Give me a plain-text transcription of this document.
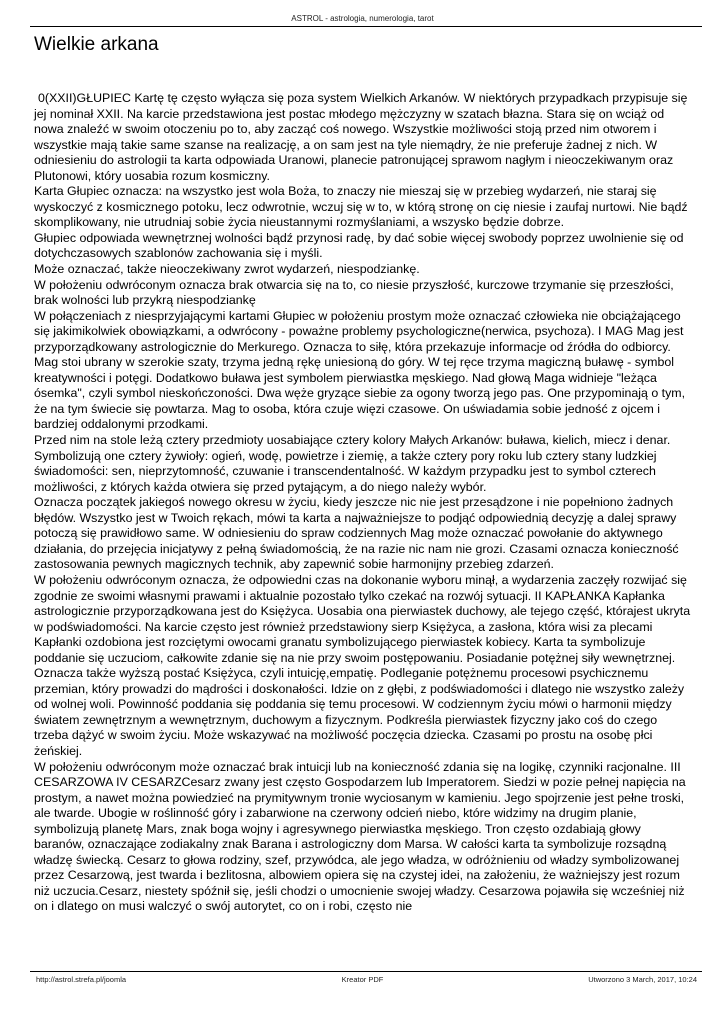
ASTROL - astrologia, numerologia, tarot
Wielkie arkana

0(XXII)GŁUPIEC Kartę tę często wyłącza się poza system Wielkich Arkanów. W niektórych przypadkach przypisuje się jej nominał XXII. Na karcie przedstawiona jest postac młodego mężczyzny w szatach błazna. Stara się on wciąż od nowa znaleźć w swoim otoczeniu po to, aby zacząć coś nowego. Wszystkie możliwości stoją przed nim otworem i wszystkie mają takie same szanse na realizację, a on sam jest na tyle niemądry, że nie preferuje żadnej z nich. W odniesieniu do astrologii ta karta odpowiada Uranowi, planecie patronującej sprawom nagłym i nieoczekiwanym oraz Plutonowi, który uosabia rozum kosmiczny.

Karta Głupiec oznacza: na wszystko jest wola Boża, to znaczy nie mieszaj się w przebieg wydarzeń, nie staraj się wyskoczyć z kosmicznego potoku, lecz odwrotnie, wczuj się w to, w którą stronę on cię niesie i zaufaj nurtowi. Nie bądź skomplikowany, nie utrudniaj sobie życia nieustannymi rozmyślaniami, a wszysko będzie dobrze.

Głupiec odpowiada wewnętrznej wolności bądź przynosi radę, by dać sobie więcej swobody poprzez uwolnienie się od dotychczasowych szablonów zachowania się i myśli.

Może oznaczać, także nieoczekiwany zwrot wydarzeń, niespodziankę.

W położeniu odwróconym oznacza brak otwarcia się na to, co niesie przyszłość, kurczowe trzymanie się przeszłości, brak wolności lub przykrą niespodziankę

W połączeniach z niesprzyjającymi kartami Głupiec w położeniu prostym może oznaczać człowieka nie obciążającego się jakimikolwiek obowiązkami, a odwrócony - poważne problemy psychologiczne(nerwica, psychoza). I MAG Mag jest przyporządkowany astrologicznie do Merkurego. Oznacza to siłę, która przekazuje informacje od źródła do odbiorcy. Mag stoi ubrany w szerokie szaty, trzyma jedną rękę uniesioną do góry. W tej ręce trzyma magiczną buławę - symbol kreatywności i potęgi. Dodatkowo buława jest symbolem pierwiastka męskiego. Nad głową Maga widnieje "leżąca ósemka", czyli symbol nieskończoności. Dwa węże gryzące siebie za ogony tworzą jego pas. One przypominają o tym, że na tym świecie się powtarza. Mag to osoba, która czuje więzi czasowe. On uświadamia sobie jedność z ojcem i bardziej oddalonymi przodkami.

Przed nim na stole leżą cztery przedmioty uosabiające cztery kolory Małych Arkanów: buława, kielich, miecz i denar. Symbolizują one cztery żywioły: ogień, wodę, powietrze i ziemię, a także cztery pory roku lub cztery stany ludzkiej świadomości: sen, nieprzytomność, czuwanie i transcendentalność. W każdym przypadku jest to symbol czterech możliwości, z których każda otwiera się przed pytającym, a do niego należy wybór.

Oznacza początek jakiegoś nowego okresu w życiu, kiedy jeszcze nic nie jest przesądzone i nie popełniono żadnych błędów. Wszystko jest w Twoich rękach, mówi ta karta a najważniejsze to podjąć odpowiednią decyzję a dalej sprawy potoczą się prawidłowo same. W odniesieniu do spraw codziennych Mag może oznaczać powołanie do aktywnego działania, do przejęcia inicjatywy z pełną świadomością, że na razie nic nam nie grozi. Czasami oznacza konieczność zastosowania pewnych magicznych technik, aby zapewnić sobie harmonijny przebieg zdarzeń.

W położeniu odwróconym oznacza, że odpowiedni czas na dokonanie wyboru minął, a wydarzenia zaczęły rozwijać się zgodnie ze swoimi własnymi prawami i aktualnie pozostało tylko czekać na rozwój sytuacji. II KAPŁANKA Kapłanka astrologicznie przyporządkowana jest do Księżyca. Uosabia ona pierwiastek duchowy, ale tejego część, którajest ukryta w podświadomości. Na karcie często jest również przedstawiony sierp Księżyca, a zasłona, która wisi za plecami Kapłanki ozdobiona jest rozciętymi owocami granatu symbolizującego pierwiastek kobiecy. Karta ta symbolizuje poddanie się uczuciom, całkowite zdanie się na nie przy swoim postępowaniu. Posiadanie potężnej siły wewnętrznej. Oznacza także wyższą postać Księżyca, czyli intuicję,empatię. Podleganie potężnemu procesowi psychicznemu przemian, który prowadzi do mądrości i doskonałości. Idzie on z głębi, z podświadomości i dlatego nie wszystko zależy od wolnej woli. Powinność poddania się poddania się temu procesowi. W codziennym życiu mówi o harmonii między światem zewnętrznym a wewnętrznym, duchowym a fizycznym. Podkreśla pierwiastek fizyczny jako coś do czego trzeba dążyć w swoim życiu. Może wskazywać na możliwość poczęcia dziecka. Czasami po prostu na osobę płci żeńskiej.

W położeniu odwróconym może oznaczać brak intuicji lub na konieczność zdania się na logikę, czynniki racjonalne. III CESARZOWA IV CESARZCesarz zwany jest często Gospodarzem lub Imperatorem. Siedzi w pozie pełnej napięcia na prostym, a nawet można powiedzieć na prymitywnym tronie wyciosanym w kamieniu. Jego spojrzenie jest pełne troski, ale twarde. Ubogie w roślinność góry i zabarwione na czerwony odcień niebo, które widzimy na drugim planie, symbolizują planetę Mars, znak boga wojny i agresywnego pierwiastka męskiego. Tron często ozdabiają głowy baranów, oznaczające zodiakalny znak Barana i astrologiczny dom Marsa. W całości karta ta symbolizuje rozsądną władzę świecką. Cesarz to głowa rodziny, szef, przywódca, ale jego władza, w odróżnieniu od władzy symbolizowanej przez Cesarzową, jest twarda i bezlitosna, albowiem opiera się na czystej idei, na założeniu, że ważniejszy jest rozum niż uczucia.Cesarz, niestety spóźnił się, jeśli chodzi o umocnienie swojej władzy. Cesarzowa pojawiła się wcześniej niż on i dlatego on musi walczyć o swój autorytet, co on i robi, często nie

http://astrol.strefa.pl/joomla	Kreator PDF	Utworzono 3 March, 2017, 10:24
